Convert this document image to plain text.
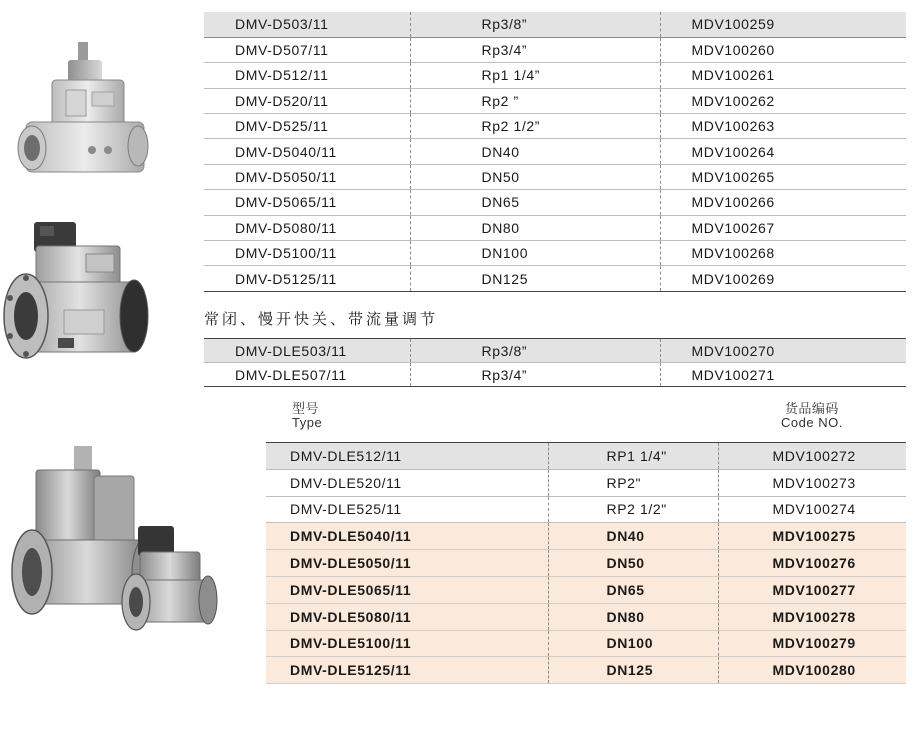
DMV-D503/11	Rp3/8”	MDV100259
DMV-D507/11	Rp3/4”	MDV100260
DMV-D512/11	Rp1 1/4”	MDV100261
DMV-D520/11	Rp2 ”	MDV100262
DMV-D525/11	Rp2 1/2”	MDV100263
DMV-D5040/11	DN40	MDV100264
DMV-D5050/11	DN50	MDV100265
DMV-D5065/11	DN65	MDV100266
DMV-D5080/11	DN80	MDV100267
DMV-D5100/11	DN100	MDV100268
DMV-D5125/11	DN125	MDV100269
常闭、慢开快关、带流量调节
DMV-DLE503/11	Rp3/8”	MDV100270
DMV-DLE507/11	Rp3/4”	MDV100271
型号
Type
货品编码
Code NO.
DMV-DLE512/11	RP1 1/4"	MDV100272
DMV-DLE520/11	RP2"	MDV100273
DMV-DLE525/11	RP2 1/2"	MDV100274
DMV-DLE5040/11	DN40	MDV100275
DMV-DLE5050/11	DN50	MDV100276
DMV-DLE5065/11	DN65	MDV100277
DMV-DLE5080/11	DN80	MDV100278
DMV-DLE5100/11	DN100	MDV100279
DMV-DLE5125/11	DN125	MDV100280
